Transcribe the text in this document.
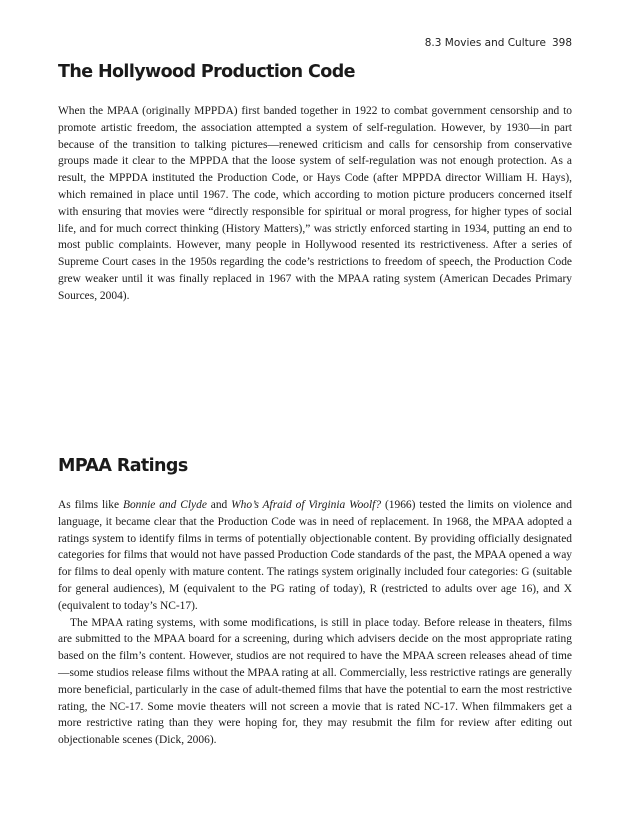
8.3 Movies and Culture 398
The Hollywood Production Code

When the MPAA (originally MPPDA) first banded together in 1922 to combat government censorship and to promote artistic freedom, the association attempted a system of self-regulation. However, by 1930—in part because of the transition to talking pictures—renewed criticism and calls for censorship from conservative groups made it clear to the MPPDA that the loose system of self-regulation was not enough protection. As a result, the MPPDA instituted the Production Code, or Hays Code (after MPPDA director William H. Hays), which remained in place until 1967. The code, which according to motion picture producers concerned itself with ensuring that movies were “directly responsible for spiritual or moral progress, for higher types of social life, and for much correct thinking (History Matters),” was strictly enforced starting in 1934, putting an end to most public complaints. However, many people in Hollywood resented its restrictiveness. After a series of Supreme Court cases in the 1950s regarding the code’s restrictions to freedom of speech, the Production Code grew weaker until it was finally replaced in 1967 with the MPAA rating system (American Decades Primary Sources, 2004).

MPAA Ratings

As films like Bonnie and Clyde and Who’s Afraid of Virginia Woolf? (1966) tested the limits on violence and language, it became clear that the Production Code was in need of replacement. In 1968, the MPAA adopted a ratings system to identify films in terms of potentially objectionable content. By providing officially designated categories for films that would not have passed Production Code standards of the past, the MPAA opened a way for films to deal openly with mature content. The ratings system originally included four categories: G (suitable for general audiences), M (equivalent to the PG rating of today), R (restricted to adults over age 16), and X (equivalent to today’s NC-17).

The MPAA rating systems, with some modifications, is still in place today. Before release in theaters, films are submitted to the MPAA board for a screening, during which advisers decide on the most appropriate rating based on the film’s content. However, studios are not required to have the MPAA screen releases ahead of time—some studios release films without the MPAA rating at all. Commercially, less restrictive ratings are generally more beneficial, particularly in the case of adult-themed films that have the potential to earn the most restrictive rating, the NC-17. Some movie theaters will not screen a movie that is rated NC-17. When filmmakers get a more restrictive rating than they were hoping for, they may resubmit the film for review after editing out objectionable scenes (Dick, 2006).
